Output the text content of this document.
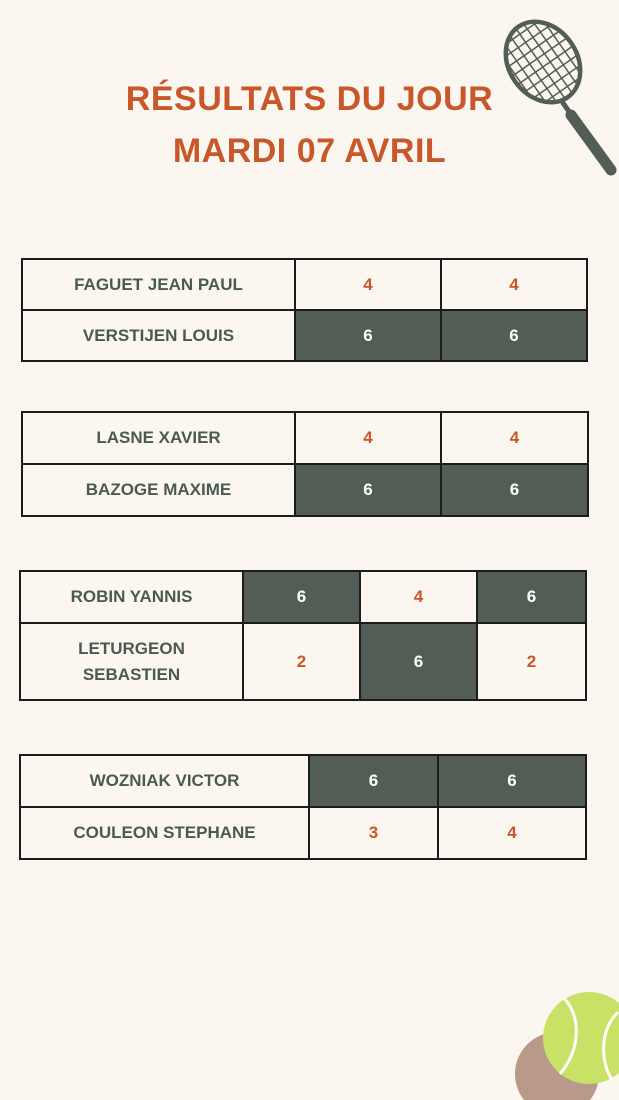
RÉSULTATS DU JOUR
MARDI 07 AVRIL
FAGUET JEAN PAUL	4	4
VERSTIJEN LOUIS	6	6
LASNE XAVIER	4	4
BAZOGE MAXIME	6	6
ROBIN YANNIS	6	4	6
LETURGEON SEBASTIEN	2	6	2
WOZNIAK VICTOR	6	6
COULEON STEPHANE	3	4
